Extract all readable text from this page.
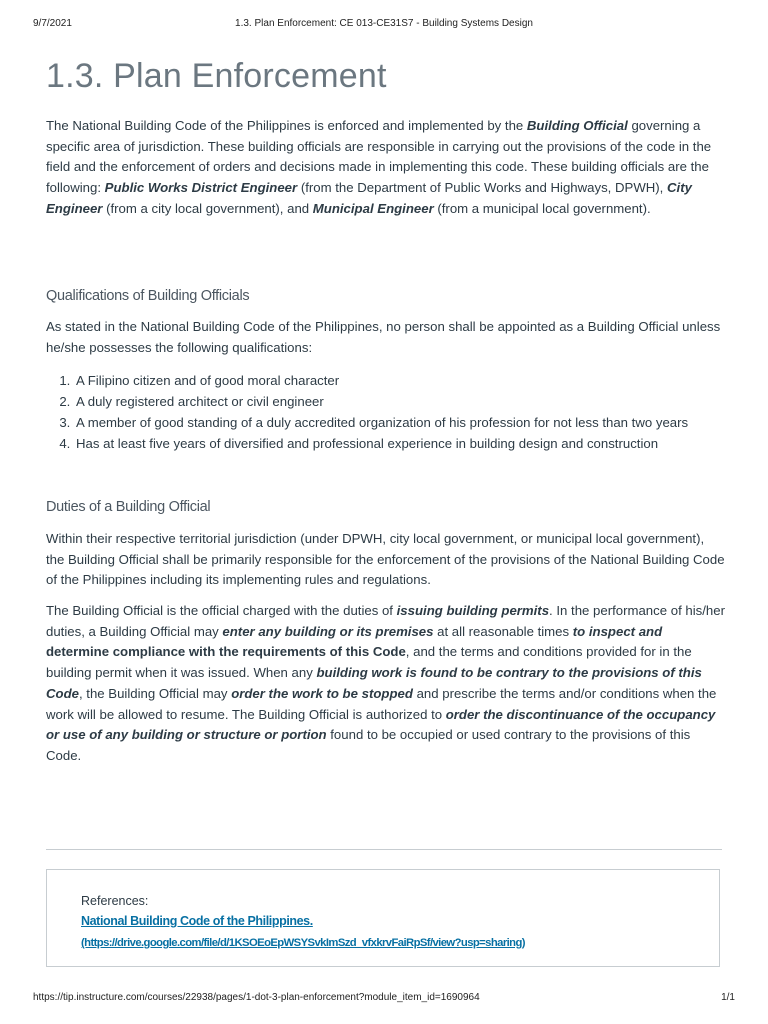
9/7/2021	1.3. Plan Enforcement: CE 013-CE31S7 - Building Systems Design
1.3. Plan Enforcement

The National Building Code of the Philippines is enforced and implemented by the Building Official governing a specific area of jurisdiction. These building officials are responsible in carrying out the provisions of the code in the field and the enforcement of orders and decisions made in implementing this code. These building officials are the following: Public Works District Engineer (from the Department of Public Works and Highways, DPWH), City Engineer (from a city local government), and Municipal Engineer (from a municipal local government).

Qualifications of Building Officials

As stated in the National Building Code of the Philippines, no person shall be appointed as a Building Official unless he/she possesses the following qualifications:

1. A Filipino citizen and of good moral character
2. A duly registered architect or civil engineer
3. A member of good standing of a duly accredited organization of his profession for not less than two years
4. Has at least five years of diversified and professional experience in building design and construction
Duties of a Building Official

Within their respective territorial jurisdiction (under DPWH, city local government, or municipal local government), the Building Official shall be primarily responsible for the enforcement of the provisions of the National Building Code of the Philippines including its implementing rules and regulations.

The Building Official is the official charged with the duties of issuing building permits. In the performance of his/her duties, a Building Official may enter any building or its premises at all reasonable times to inspect and determine compliance with the requirements of this Code, and the terms and conditions provided for in the building permit when it was issued. When any building work is found to be contrary to the provisions of this Code, the Building Official may order the work to be stopped and prescribe the terms and/or conditions when the work will be allowed to resume. The Building Official is authorized to order the discontinuance of the occupancy or use of any building or structure or portion found to be occupied or used contrary to the provisions of this Code.

References:
National Building Code of the Philippines.
(https://drive.google.com/file/d/1KSOEoEpWSYSvkImSzd_vfxkrvFaiRpSf/view?usp=sharing)
https://tip.instructure.com/courses/22938/pages/1-dot-3-plan-enforcement?module_item_id=1690964	1/1
